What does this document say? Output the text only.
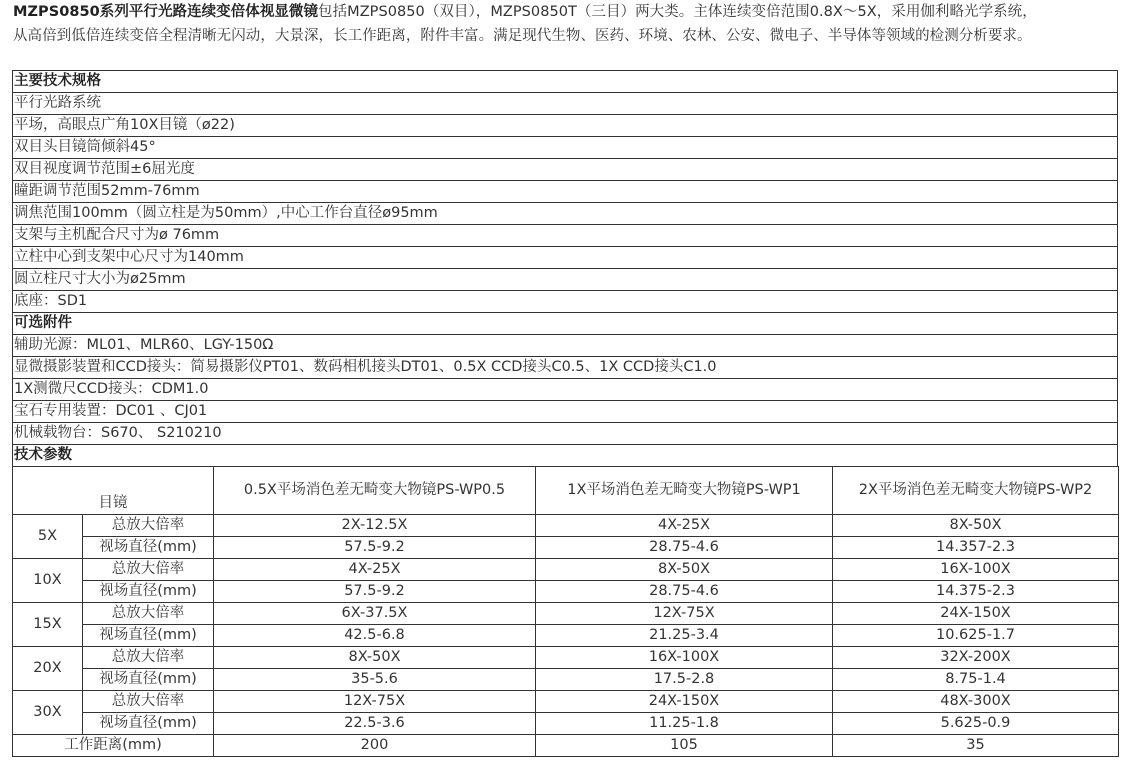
MZPS0850系列平行光路连续变倍体视显微镜包括MZPS0850（双目），MZPS0850T（三目）两大类。主体连续变倍范围0.8X～5X，采用伽利略光学系统，
从高倍到低倍连续变倍全程清晰无闪动，大景深，长工作距离，附件丰富。满足现代生物、医药、环境、农林、公安、微电子、半导体等领域的检测分析要求。
主要技术规格
平行光路系统
平场，高眼点广角10X目镜（ø22)
双目头目镜筒倾斜45°
双目视度调节范围±6屈光度
瞳距调节范围52mm-76mm
调焦范围100mm（圆立柱是为50mm）,中心工作台直径ø95mm
支架与主机配合尺寸为ø 76mm
立柱中心到支架中心尺寸为140mm
圆立柱尺寸大小为ø25mm
底座：SD1
可选附件
辅助光源：ML01、MLR60、LGY-150Ω
显微摄影装置和CCD接头：简易摄影仪PT01、数码相机接头DT01、0.5X CCD接头C0.5、1X CCD接头C1.0
1X测微尺CCD接头：CDM1.0
宝石专用装置：DC01 、CJ01
机械载物台：S670、 S210210
技术参数
目镜		0.5X平场消色差无畸变大物镜PS-WP0.5	1X平场消色差无畸变大物镜PS-WP1	2X平场消色差无畸变大物镜PS-WP2
5X	总放大倍率	2X-12.5X	4X-25X	8X-50X
	视场直径(mm)	57.5-9.2	28.75-4.6	14.357-2.3
10X	总放大倍率	4X-25X	8X-50X	16X-100X
	视场直径(mm)	57.5-9.2	28.75-4.6	14.375-2.3
15X	总放大倍率	6X-37.5X	12X-75X	24X-150X
	视场直径(mm)	42.5-6.8	21.25-3.4	10.625-1.7
20X	总放大倍率	8X-50X	16X-100X	32X-200X
	视场直径(mm)	35-5.6	17.5-2.8	8.75-1.4
30X	总放大倍率	12X-75X	24X-150X	48X-300X
	视场直径(mm)	22.5-3.6	11.25-1.8	5.625-0.9
工作距离(mm)		200	105	35
